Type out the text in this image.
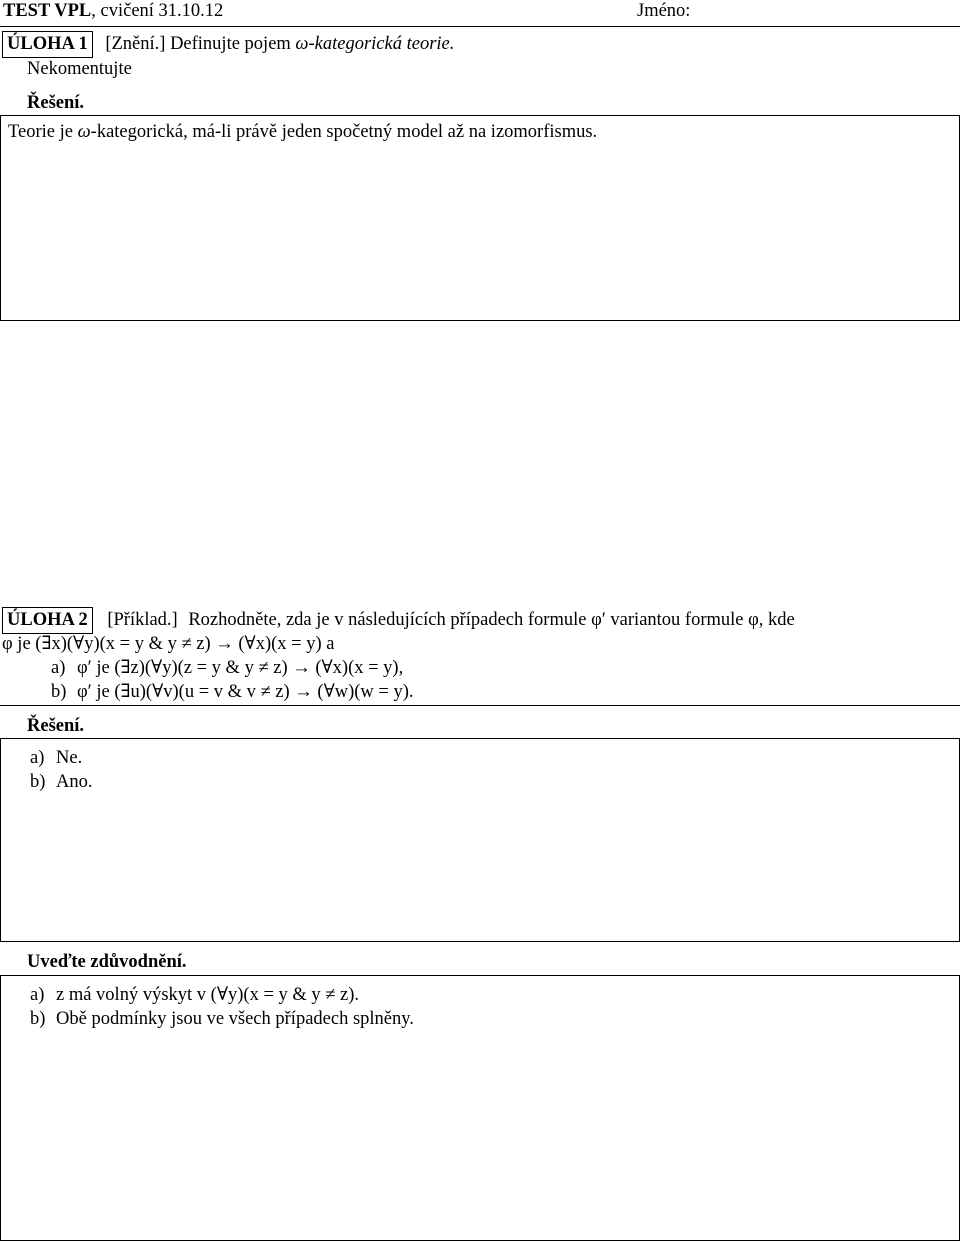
TEST VPL, cvičení 31.10.12	Jméno:
ÚLOHA 1 [Znění.] Definujte pojem ω-kategorická teorie.
Nekomentujte
Řešení.
Teorie je ω-kategorická, má-li právě jeden spočetný model až na izomorfismus.
ÚLOHA 2 [Příklad.] Rozhodněte, zda je v následujících případech formule φ′ variantou formule φ, kde
φ je (∃x)(∀y)(x = y & y ≠ z) → (∀x)(x = y) a
a) φ′ je (∃z)(∀y)(z = y & y ≠ z) → (∀x)(x = y),
b) φ′ je (∃u)(∀v)(u = v & v ≠ z) → (∀w)(w = y).
Řešení.
a) Ne.
b) Ano.
Uveďte zdůvodnění.
a) z má volný výskyt v (∀y)(x = y & y ≠ z).
b) Obě podmínky jsou ve všech případech splněny.
